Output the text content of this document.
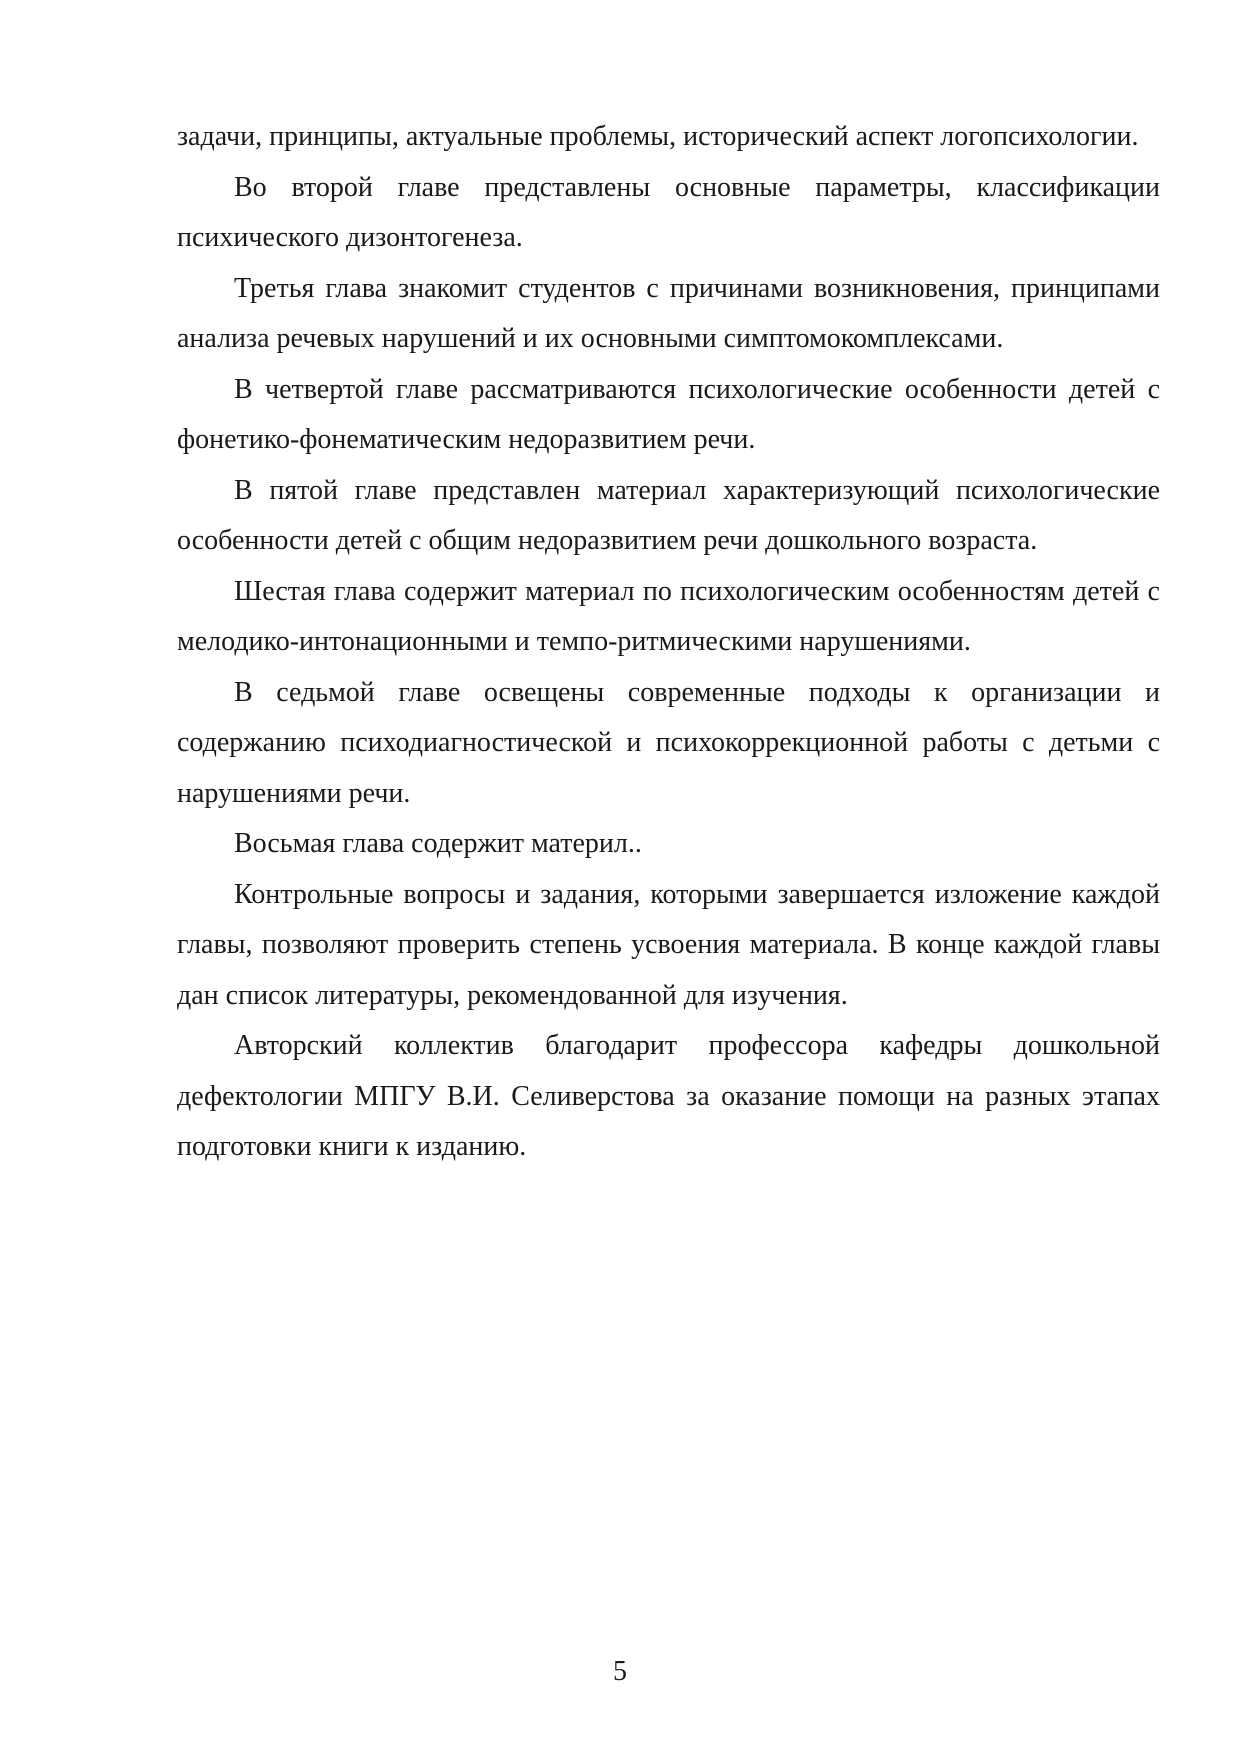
задачи, принципы, актуальные проблемы, исторический аспект логопсихологии.

Во второй главе представлены основные параметры, классификации психического дизонтогенеза.

Третья глава знакомит студентов с причинами возникновения, принципами анализа речевых нарушений и их основными симптомокомплексами.

В четвертой главе рассматриваются психологические особенности детей с фонетико-фонематическим недоразвитием речи.

В пятой главе представлен материал характеризующий психологические особенности детей с общим недоразвитием речи дошкольного возраста.

Шестая глава содержит материал по психологическим особенностям детей с мелодико-интонационными и темпо-ритмическими нарушениями.

В седьмой главе освещены современные подходы к организации и содержанию психодиагностической и психокоррекционной работы с детьми с нарушениями речи.

Восьмая глава содержит материл..

Контрольные вопросы и задания, которыми завершается изложение каждой главы, позволяют проверить степень усвоения материала. В конце каждой главы дан список литературы, рекомендованной для изучения.

Авторский коллектив благодарит профессора кафедры дошкольной дефектологии МПГУ В.И. Селиверстова за оказание помощи на разных этапах подготовки книги к изданию.

5
